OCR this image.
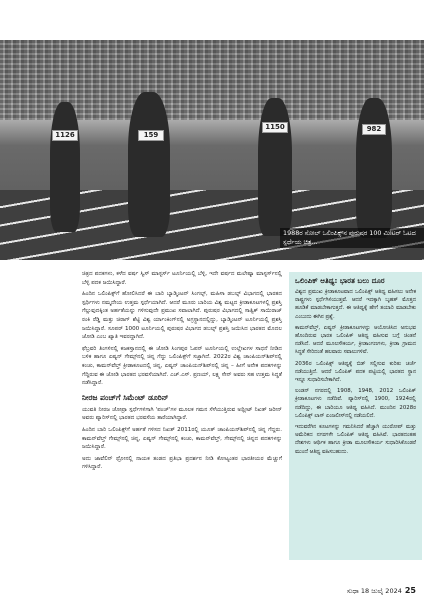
1126	159
1150	982
1988ರ ಸೋಲ್ ಒಲಿಂಪಿಕ್ಸ್‌ನ ಪುರುಷರ 100 ಮೀಟರ್ ಓಟದ ಸ್ಪರ್ಧೆಯ ಚಿತ್ರ...

ಚಿತ್ರದ ಪದಕಗಳು, ಕಳೆದ ವರ್ಷ ಸ್ವಿಸ್ ಮಾಸ್ಟರ್ಸ್ ಟೂರ್ನಿಯಲ್ಲಿ ಬೆಳ್ಳಿ, ಇದೇ ವರ್ಷದ ಮಲೇಷ್ಯಾ ಮಾಸ್ಟರ್ಸ್‌ನಲ್ಲಿ ಬೆಳ್ಳಿ ಪದಕ ಜಯಿಸಿದ್ದಾರೆ.

ಹಿಂದಿನ ಒಲಿಂಪಿಕ್ಸ್‌ಗೆ ಹೋಲಿಸಿದರೆ ಈ ಬಾರಿ ಬ್ಯಾಡ್ಮಿಂಟನ್ ಸಿಂಗಲ್ಸ್, ಮಹಿಳಾ ಡಬಲ್ಸ್ ವಿಭಾಗದಲ್ಲಿ ಭಾರತದ ಸ್ಪರ್ಧಿಗಳು ನಮ್ಮದೇಯ ಉತ್ತಮ ಸ್ಪರ್ಧೆಯಾಗಿದೆ. ಆದರೆ ಮೂರು ಬಾರಿಯ ವಿಶ್ವ ಮಟ್ಟದ ಕ್ರೀಡಾಕೂಟಗಳಲ್ಲಿ ಪ್ರಶಸ್ತಿ ಗೆಲ್ಲುವುದಕ್ಕಿಂತ ಅರ್ಹತೆಯನ್ನು ಗಳಿಸುವುದೇ ಪ್ರಮುಖ ಸವಾಲಾಗಿದೆ. ಪುರುಷರ ವಿಭಾಗದಲ್ಲಿ ಸಾತ್ವಿಕ್ ಸಾಯಿರಾಜ್ ರಂಕಿ ರೆಡ್ಡಿ ಮತ್ತು ಚಿರಾಗ್ ಶೆಟ್ಟಿ ವಿಶ್ವ ರ್ಯಾಂಕಿಂಗ್‌ನಲ್ಲಿ ಅಗ್ರಸ್ಥಾನದಲ್ಲಿದ್ದು, ಬ್ಯಾಡ್ಮಿಂಟನ್ ಟೂರ್ನಿಯಲ್ಲಿ ಪ್ರಶಸ್ತಿ ಜಯಿಸಿದ್ದಾರೆ. ಸೂಪರ್ 1000 ಟೂರ್ನಿಯಲ್ಲಿ ಪುರುಷರ ವಿಭಾಗದ ಡಬಲ್ಸ್ ಪ್ರಶಸ್ತಿ ಜಯಿಸಿದ ಭಾರತದ ಮೊದಲ ಜೋಡಿ ಎಂಬ ಖ್ಯಾತಿ ಇವರದ್ದಾಗಿದೆ.

ಫೆಬ್ರವರಿ ತಿಂಗಳಿನಲ್ಲಿ ಕಜಕಸ್ತಾನದಲ್ಲಿ ಈ ಜೋಡಿ ಸಿಂಗಪುರ ಓಪನ್ ಟೂರ್ನಿಯಲ್ಲಿ ಉಲ್ಲೇಖಗಳ ಸಾಧನೆ ನೀಡಿದ ಬಳಿಕ ಹಾಗೂ ಏಷ್ಯನ್ ಗೇಮ್ಸ್‌ನಲ್ಲಿ ಚಿನ್ನ ಗೆದ್ದು ಒಲಿಂಪಿಕ್ಸ್‌ಗೆ ಸಜ್ಜಾಗಿದೆ. 2022ರ ವಿಶ್ವ ಚಾಂಪಿಯನ್‌ಶಿಪ್‌ನಲ್ಲಿ ಕಂಚು, ಕಾಮನ್‌ವೆಲ್ತ್ ಕ್ರೀಡಾಕೂಟದಲ್ಲಿ ಚಿನ್ನ, ಏಷ್ಯನ್ ಚಾಂಪಿಯನ್‌ಶಿಪ್‌ನಲ್ಲಿ ಚಿನ್ನ – ಹೀಗೆ ಅನೇಕ ಪದಕಗಳನ್ನು ಗೆದ್ದಿರುವ ಈ ಜೋಡಿ ಭಾರತದ ಭರವಸೆಯಾಗಿದೆ. ಎಚ್.ಎಸ್. ಪ್ರಣಯ್, ಲಕ್ಷ್ಯ ಸೇನ್ ಅವರು ಸಹ ಉತ್ತಮ ಸಿದ್ಧತೆ ನಡೆಸಿದ್ದಾರೆ.

ನೀರಜ ಪಂಚ್‌ಗೆ ಸಿಮೆಂಟ್ ಡೂರಿನ್

ಯುವತಿ ನೀರಜ ಚೋಪ್ರಾ ಸ್ಪರ್ಧೆಗಳಿಗಾಗಿ 'ಪಂಚ್'ಗಳ ಮೂಲಕ ಗಮನ ಸೆಳೆಯುತ್ತಿರುವ ಅಥ್ಲೀಟ್ ನಿಖತ್ ಜರೀನ್ ಅವರು ಪ್ಯಾರಿಸ್‌ನಲ್ಲಿ ಭಾರತದ ಭರವಸೆಯ ತಾರೆಯಾಗಿದ್ದಾರೆ.

ಹಿಂದಿನ ಬಾರಿ ಒಲಿಂಪಿಕ್ಸ್‌ಗೆ ಅರ್ಹತೆ ಗಳಿಸದ ನಿಖತ್ 2011ರಲ್ಲಿ ಯೂತ್ ಚಾಂಪಿಯನ್‌ಶಿಪ್‌ನಲ್ಲಿ ಚಿನ್ನ ಗೆದ್ದರು. ಕಾಮನ್‌ವೆಲ್ತ್ ಗೇಮ್ಸ್‌ನಲ್ಲಿ ಚಿನ್ನ, ಏಷ್ಯನ್ ಗೇಮ್ಸ್‌ನಲ್ಲಿ ಕಂಚು, ಕಾಮನ್‌ವೆಲ್ತ್, ಗೇಮ್ಸ್‌ನಲ್ಲಿ ಚಿನ್ನದ ಪದಕಗಳನ್ನು ಜಯಿಸಿದ್ದಾರೆ.

ಅದು ಜಾವೆಲಿನ್ ಥ್ರೋನಲ್ಲಿ ನಾಯಕ ತಂಡದ ಪ್ರತಿಭಾ ಪ್ರದರ್ಶನ ನೀಡಿ ಕೋಟ್ಯಂತರ ಭಾರತೀಯರ ಮೆಚ್ಚುಗೆ ಗಳಿಸಿದ್ದಾರೆ.

ಒಲಿಂಪಿಕ್ ಆತಿಥ್ಯ: ಭಾರತ ಬಲು ದೂರ

ವಿಶ್ವದ ಪ್ರಮುಖ ಕ್ರೀಡಾಕೂಟವಾದ ಒಲಿಂಪಿಕ್ಸ್ ಆತಿಥ್ಯ ವಹಿಸಲು ಅನೇಕ ರಾಷ್ಟ್ರಗಳು ಸ್ಪರ್ಧೆಗಿಳಿಯುತ್ತವೆ. ಆದರೆ ಇದಕ್ಕಾಗಿ ಬೃಹತ್ ಮೊತ್ತದ ಹೂಡಿಕೆ ಮಾಡಬೇಕಾಗುತ್ತದೆ. ಈ ಆತಿಥ್ಯಕ್ಕೆ ಹೇಗೆ ತಯಾರಿ ಮಾಡಬೇಕು ಎಂಬುದು ಈಗಿನ ಪ್ರಶ್ನೆ.

ಕಾಮನ್‌ವೆಲ್ತ್, ಏಷ್ಯನ್ ಕ್ರೀಡಾಕೂಟಗಳನ್ನು ಆಯೋಜಿಸಿದ ಅನುಭವ ಹೊಂದಿರುವ ಭಾರತ ಒಲಿಂಪಿಕ್ ಆತಿಥ್ಯ ವಹಿಸುವ ಬಗ್ಗೆ ಚಿಂತನೆ ನಡೆಸಿದೆ. ಆದರೆ ಮೂಲಸೌಕರ್ಯ, ಕ್ರೀಡಾಂಗಣಗಳು, ಕ್ರೀಡಾ ಗ್ರಾಮದ ಸಿದ್ಧತೆ ಸೇರಿದಂತೆ ಹಲವಾರು ಸವಾಲುಗಳಿವೆ.

2036ರ ಒಲಿಂಪಿಕ್ಸ್ ಆತಿಥ್ಯಕ್ಕೆ ಬಿಡ್ ಸಲ್ಲಿಸುವ ಕುರಿತು ಚರ್ಚೆ ನಡೆಯುತ್ತಿದೆ. ಆದರೆ ಒಲಿಂಪಿಕ್ ಪದಕ ಪಟ್ಟಿಯಲ್ಲಿ ಭಾರತದ ಸ್ಥಾನ ಇನ್ನೂ ಸುಧಾರಿಸಬೇಕಾಗಿದೆ.

ಲಂಡನ್ ನಗರದಲ್ಲಿ 1908, 1948, 2012 ಒಲಿಂಪಿಕ್ ಕ್ರೀಡಾಕೂಟಗಳು ನಡೆದಿವೆ. ಪ್ಯಾರಿಸ್‌ನಲ್ಲಿ 1900, 1924ರಲ್ಲಿ ನಡೆದಿದ್ದು, ಈ ಬಾರಿಯೂ ಆತಿಥ್ಯ ವಹಿಸಿದೆ. ಮುಂದಿನ 2028ರ ಒಲಿಂಪಿಕ್ಸ್ ಲಾಸ್ ಏಂಜಲೀಸ್‌ನಲ್ಲಿ ನಡೆಯಲಿದೆ.

ಇದುವರೆಗಿನ ಕೂಟಗಳನ್ನು ಗಮನಿಸಿದರೆ ಹೆಚ್ಚಾಗಿ ಯುರೋಪ್ ಮತ್ತು ಅಮೆರಿಕದ ನಗರಗಳೇ ಒಲಿಂಪಿಕ್ ಆತಿಥ್ಯ ವಹಿಸಿವೆ. ಭಾರತದಂತಹ ದೇಶಗಳು ಆರ್ಥಿಕ ಹಾಗೂ ಕ್ರೀಡಾ ಮೂಲಸೌಕರ್ಯ ಸುಧಾರಿಸಿಕೊಂಡರೆ ಮುಂದೆ ಆತಿಥ್ಯ ವಹಿಸಬಹುದು.

ಸುಧಾ 18 ಜುಲೈ 2024 25
